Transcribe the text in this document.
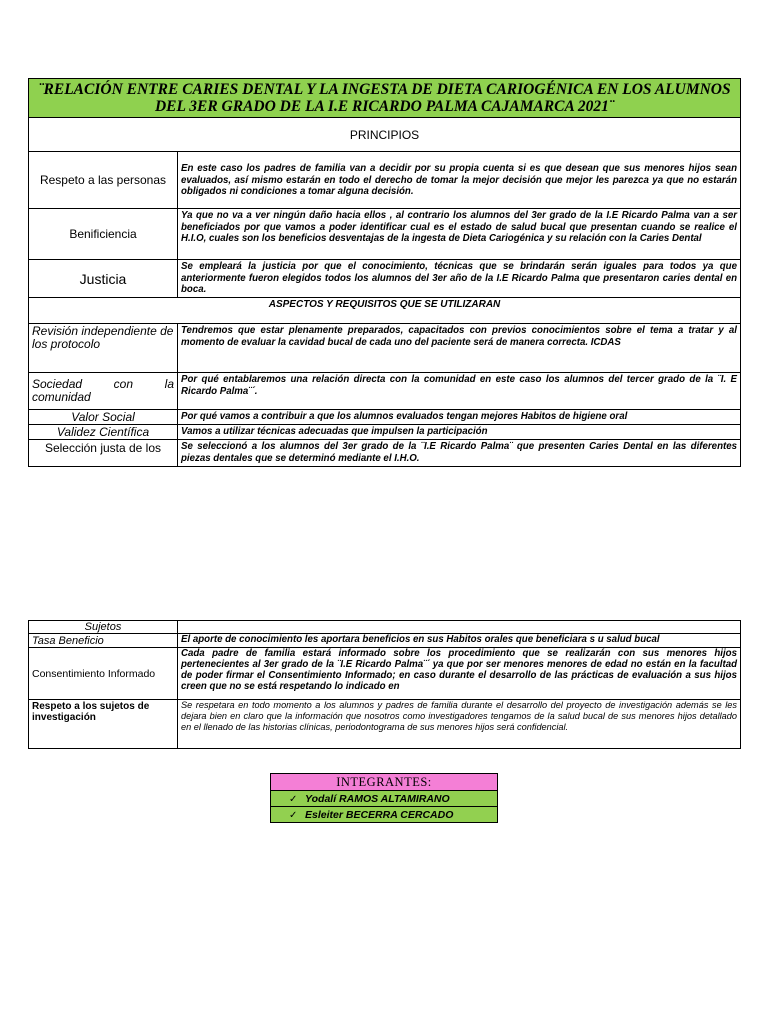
¨RELACIÓN ENTRE CARIES DENTAL Y LA INGESTA DE DIETA CARIOGÉNICA EN LOS ALUMNOS DEL 3ER GRADO DE LA I.E RICARDO PALMA CAJAMARCA 2021¨	
PRINCIPIOS	
Respeto a las personas	En este caso los padres de familia van a decidir por su propia cuenta si es que desean que sus menores hijos sean evaluados, así mismo estarán en todo el derecho de tomar la mejor decisión que mejor les parezca ya que no estarán obligados ni condiciones a tomar alguna decisión.
Benificiencia	Ya que no va a ver ningún daño hacia ellos , al contrario los alumnos del 3er grado de la I.E Ricardo Palma van a ser beneficiados por que vamos a poder identificar cual es el estado de salud bucal que presentan cuando se realice el H.I.O, cuales son los beneficios desventajas de la ingesta de Dieta Cariogénica y su relación con la Caries Dental
Justicia	Se empleará la justicia por que el conocimiento, técnicas que se brindarán serán iguales para todos ya que anteriormente fueron elegidos todos los alumnos del 3er año de la I.E Ricardo Palma que presentaron caries dental en boca.
ASPECTOS Y REQUISITOS QUE SE UTILIZARAN	
Revisión independiente de los protocolo	Tendremos que estar plenamente preparados, capacitados con previos conocimientos sobre el tema a tratar y al momento de evaluar la cavidad bucal de cada uno del paciente será de manera correcta. ICDAS
Sociedad con la comunidad	Por qué entablaremos una relación directa con la comunidad en este caso los alumnos del tercer grado de la ¨I. E Ricardo Palma¨´.
Valor Social	Por qué vamos a contribuir a que los alumnos evaluados tengan mejores Habitos de higiene oral
Validez Científica	Vamos a utilizar técnicas adecuadas que impulsen la participación
Selección justa de los	Se seleccionó a los alumnos del 3er grado de la ¨I.E Ricardo Palma¨ que presenten Caries Dental en las diferentes piezas dentales que se determinó mediante el I.H.O.
Sujetos	
Tasa Beneficio	El aporte de conocimiento les aportara beneficios en sus Habitos orales que beneficiara s u salud bucal
Consentimiento Informado	Cada padre de familia estará informado sobre los procedimiento que se realizarán con sus menores hijos pertenecientes al 3er grado de la ¨I.E Ricardo Palma¨´ ya que por ser menores menores de edad no están en la facultad de poder firmar el Consentimiento Informado; en caso durante el desarrollo de las prácticas de evaluación a sus hijos creen que no se está respetando lo indicado en
Respeto a los sujetos de investigación	Se respetara en todo momento a los alumnos y padres de familia durante el desarrollo del proyecto de investigación además se les dejara bien en claro que la información que nosotros como investigadores tengamos de la salud bucal de sus menores hijos detallado en el llenado de las historias clínicas, periodontograma de sus menores hijos será confidencial.
INTEGRANTES:
✓ Yodalí RAMOS ALTAMIRANO
✓ Esleiter BECERRA CERCADO
